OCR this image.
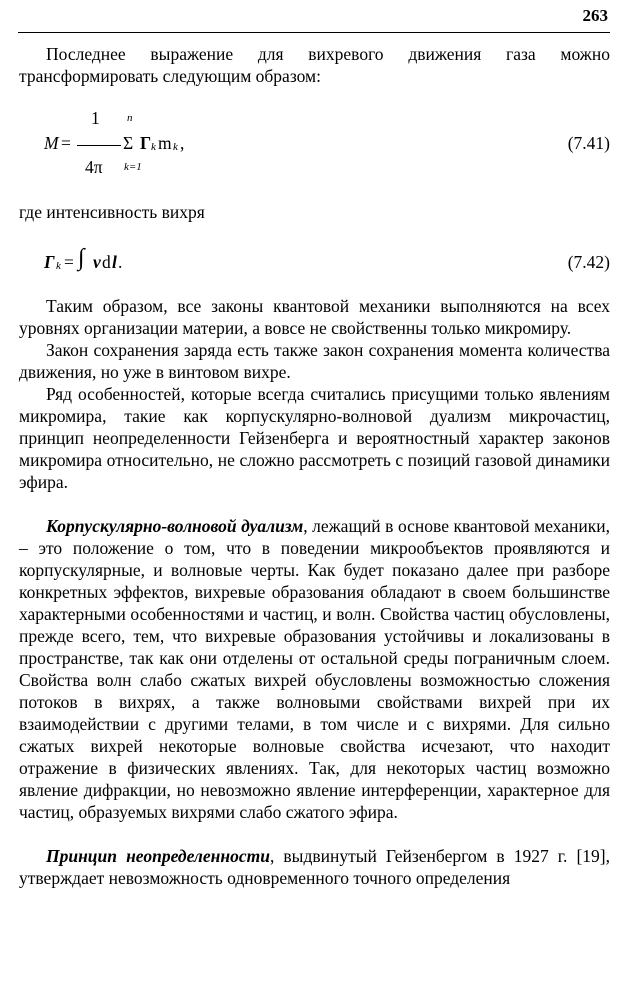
263

Последнее выражение для вихревого движения газа можно трансформировать следующим образом:

1 n
M =	Σ Γ k m k ,
4π k=1
(7.41)

где интенсивность вихря

Γ k = ∫ v d l .	(7.42)

Таким образом, все законы квантовой механики выполняются на всех уровнях организации материи, а вовсе не свойственны только микромиру.

Закон сохранения заряда есть также закон сохранения момента количества движения, но уже в винтовом вихре.

Ряд особенностей, которые всегда считались присущими только явлениям микромира, такие как корпускулярно-волновой дуализм микрочастиц, принцип неопределенности Гейзенберга и вероятностный характер законов микромира относительно, не сложно рассмотреть с позиций газовой динамики эфира.

Корпускулярно-волновой дуализм, лежащий в основе квантовой механики, – это положение о том, что в поведении микрообъектов проявляются и корпускулярные, и волновые черты. Как будет показано далее при разборе конкретных эффектов, вихревые образования обладают в своем большинстве характерными особенностями и частиц, и волн. Свойства частиц обусловлены, прежде всего, тем, что вихревые образования устойчивы и локализованы в пространстве, так как они отделены от остальной среды пограничным слоем. Свойства волн слабо сжатых вихрей обусловлены возможностью сложения потоков в вихрях, а также волновыми свойствами вихрей при их взаимодействии с другими телами, в том числе и с вихрями. Для сильно сжатых вихрей некоторые волновые свойства исчезают, что находит отражение в физических явлениях. Так, для некоторых частиц возможно явление дифракции, но невозможно явление интерференции, характерное для частиц, образуемых вихрями слабо сжатого эфира.

Принцип неопределенности, выдвинутый Гейзенбергом в 1927 г. [19], утверждает невозможность одновременного точного определения
